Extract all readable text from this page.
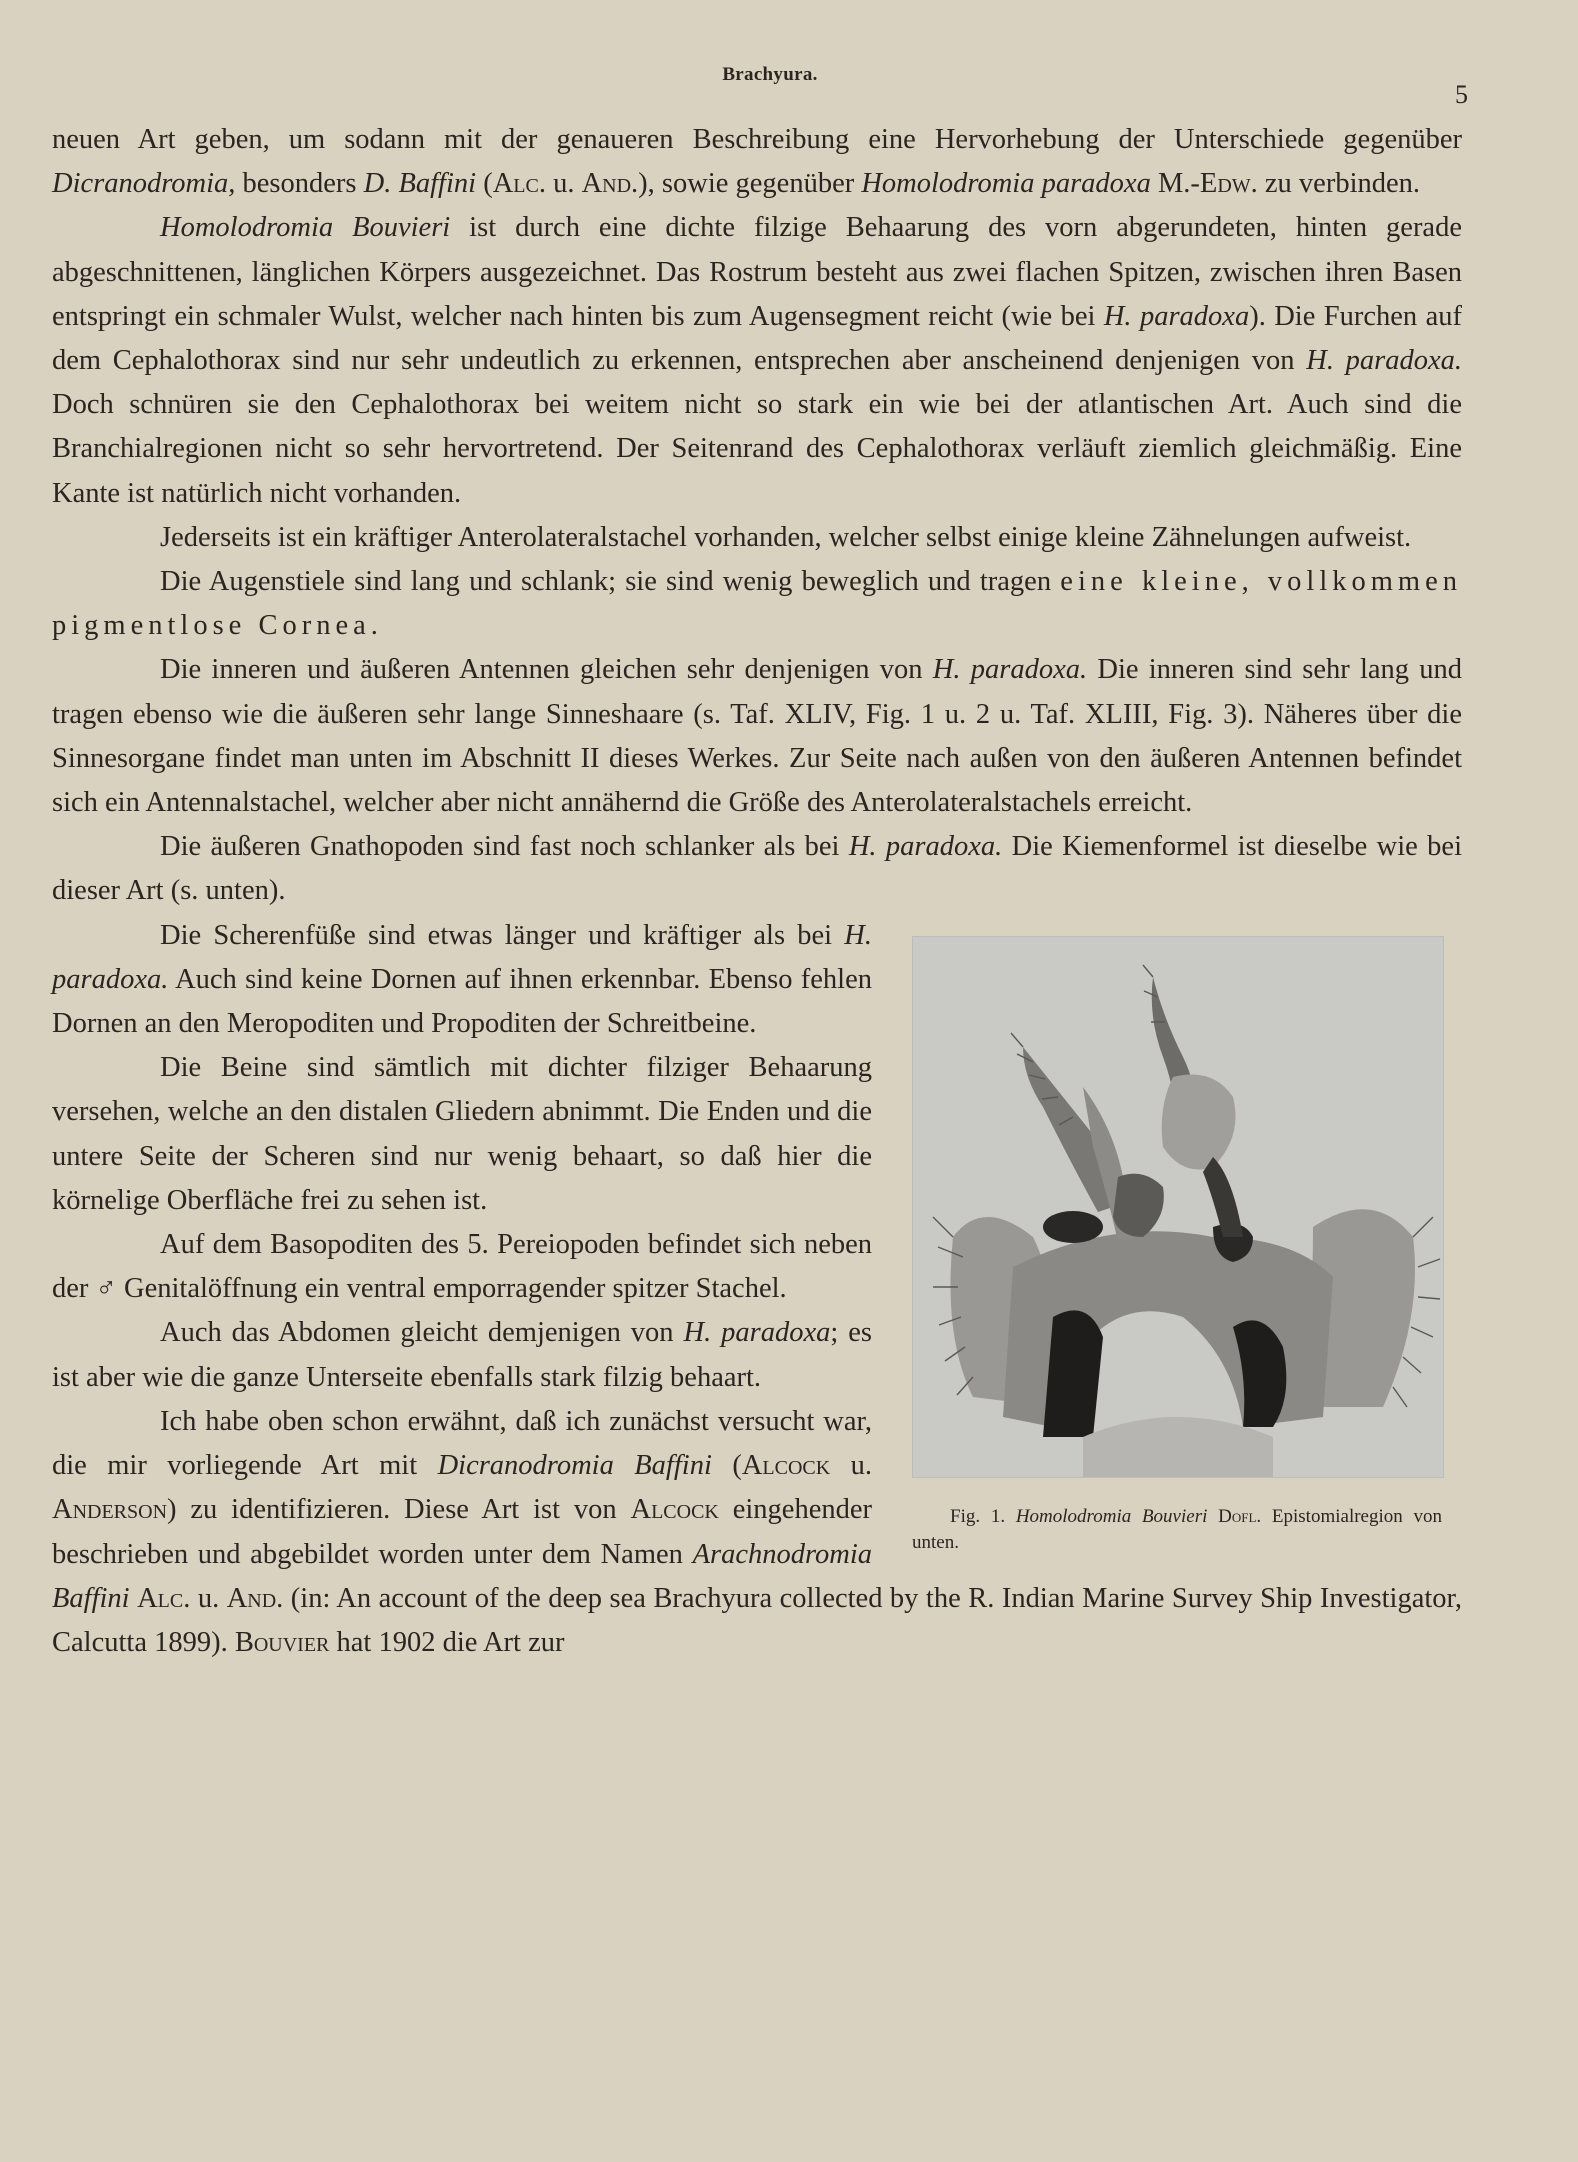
Brachyura.
5

neuen Art geben, um sodann mit der genaueren Beschreibung eine Hervorhebung der Unterschiede gegenüber Dicranodromia, besonders D. Baffini (Alc. u. And.), sowie gegenüber Homolodromia paradoxa M.-Edw. zu verbinden.

Homolodromia Bouvieri ist durch eine dichte filzige Behaarung des vorn abgerundeten, hinten gerade abgeschnittenen, länglichen Körpers ausgezeichnet. Das Rostrum besteht aus zwei flachen Spitzen, zwischen ihren Basen entspringt ein schmaler Wulst, welcher nach hinten bis zum Augensegment reicht (wie bei H. paradoxa). Die Furchen auf dem Cephalothorax sind nur sehr undeutlich zu erkennen, entsprechen aber anscheinend denjenigen von H. paradoxa. Doch schnüren sie den Cephalothorax bei weitem nicht so stark ein wie bei der atlantischen Art. Auch sind die Branchialregionen nicht so sehr hervortretend. Der Seitenrand des Cephalothorax verläuft ziemlich gleichmäßig. Eine Kante ist natürlich nicht vorhanden.

Jederseits ist ein kräftiger Anterolateralstachel vorhanden, welcher selbst einige kleine Zähnelungen aufweist.

Die Augenstiele sind lang und schlank; sie sind wenig beweglich und tragen eine kleine, vollkommen pigmentlose Cornea.

Die inneren und äußeren Antennen gleichen sehr denjenigen von H. paradoxa. Die inneren sind sehr lang und tragen ebenso wie die äußeren sehr lange Sinneshaare (s. Taf. XLIV, Fig. 1 u. 2 u. Taf. XLIII, Fig. 3). Näheres über die Sinnesorgane findet man unten im Abschnitt II dieses Werkes. Zur Seite nach außen von den äußeren Antennen befindet sich ein Antennalstachel, welcher aber nicht annähernd die Größe des Anterolateralstachels erreicht.

Die äußeren Gnathopoden sind fast noch schlanker als bei H. paradoxa. Die Kiemenformel ist dieselbe wie bei dieser Art (s. unten).

Fig. 1. Homolodromia Bouvieri Dofl. Epistomialregion von unten.
Die Scherenfüße sind etwas länger und kräftiger als bei H. paradoxa. Auch sind keine Dornen auf ihnen erkennbar. Ebenso fehlen Dornen an den Meropoditen und Propoditen der Schreitbeine.

Die Beine sind sämtlich mit dichter filziger Behaarung versehen, welche an den distalen Gliedern abnimmt. Die Enden und die untere Seite der Scheren sind nur wenig behaart, so daß hier die körnelige Oberfläche frei zu sehen ist.

Auf dem Basopoditen des 5. Pereiopoden befindet sich neben der ♂ Genitalöffnung ein ventral emporragender spitzer Stachel.

Auch das Abdomen gleicht demjenigen von H. paradoxa; es ist aber wie die ganze Unterseite ebenfalls stark filzig behaart.

Ich habe oben schon erwähnt, daß ich zunächst versucht war, die mir vorliegende Art mit Dicranodromia Baffini (Alcock u. Anderson) zu identifizieren. Diese Art ist von Alcock eingehender beschrieben und abgebildet worden unter dem Namen Arachnodromia Baffini Alc. u. And. (in: An account of the deep sea Brachyura collected by the R. Indian Marine Survey Ship Investigator, Calcutta 1899). Bouvier hat 1902 die Art zur
